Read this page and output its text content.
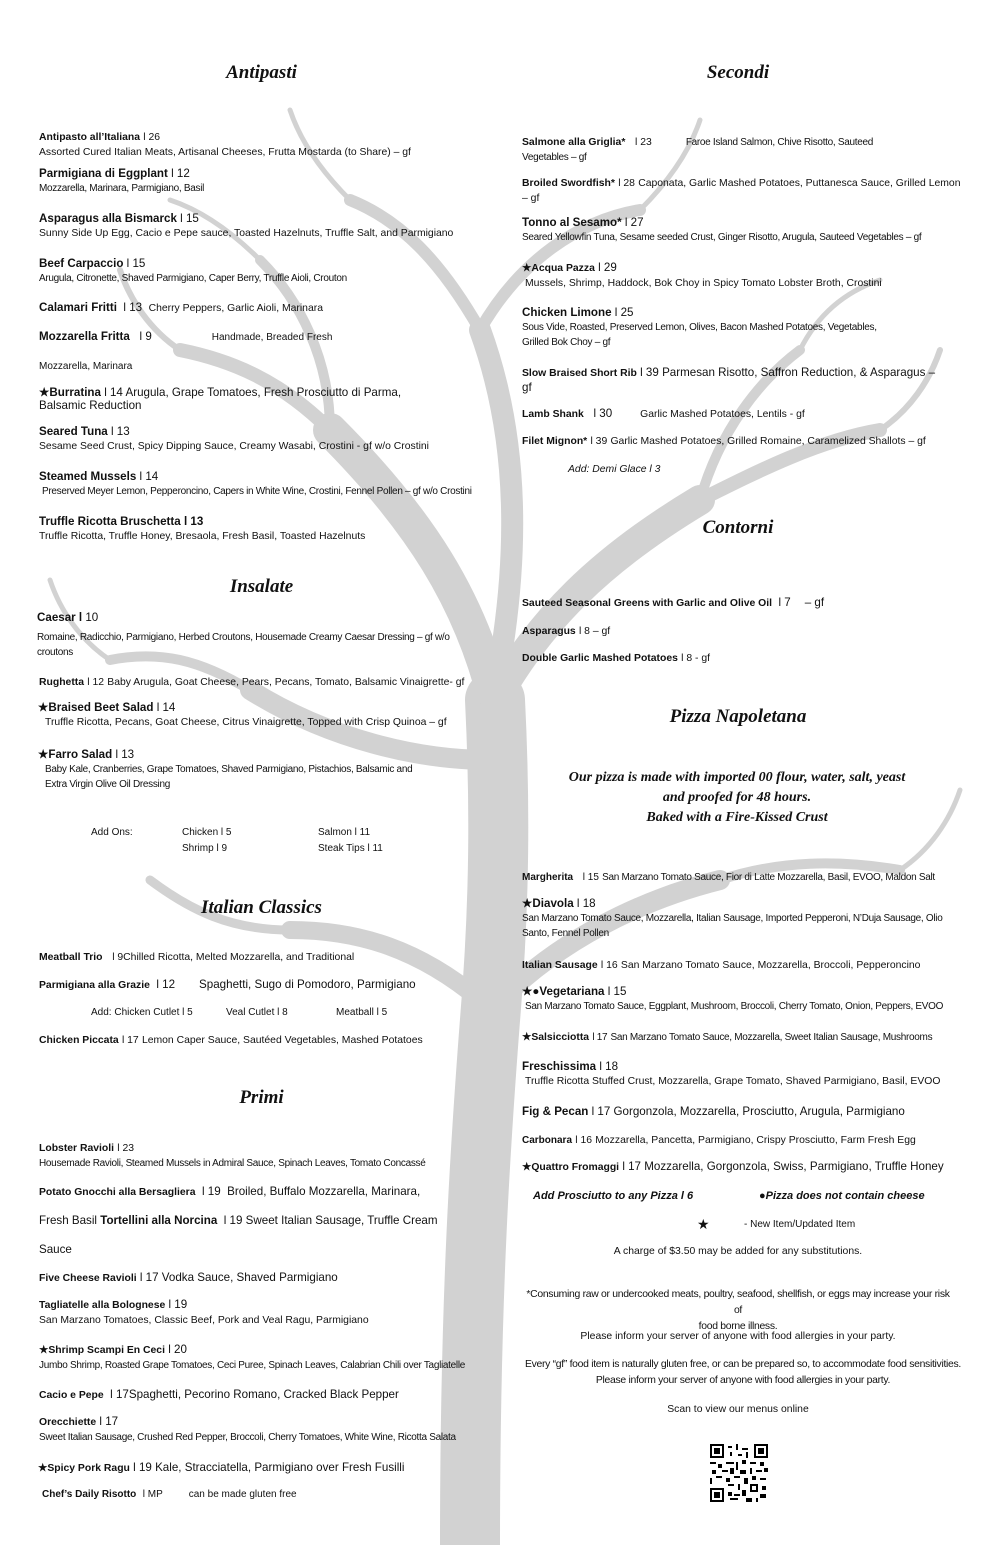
Antipasti
Antipasto all’Italiana l 26
Assorted Cured Italian Meats, Artisanal Cheeses, Frutta Mostarda (to Share) – gf
Parmigiana di Eggplant l 12
Mozzarella, Marinara, Parmigiano, Basil
Asparagus alla Bismarck l 15
Sunny Side Up Egg, Cacio e Pepe sauce, Toasted Hazelnuts, Truffle Salt, and Parmigiano
Beef Carpaccio l 15
Arugula, Citronette, Shaved Parmigiano, Caper Berry, Truffle Aioli, Crouton
Calamari Fritti l 13 Cherry Peppers, Garlic Aioli, Marinara
Mozzarella Fritta l 9	Handmade, Breaded Fresh
Mozzarella, Marinara
★ Burratina l 14 Arugula, Grape Tomatoes, Fresh Prosciutto di Parma, Balsamic Reduction
Seared Tuna l 13
Sesame Seed Crust, Spicy Dipping Sauce, Creamy Wasabi, Crostini - gf w/o Crostini
Steamed Mussels l 14
Preserved Meyer Lemon, Pepperoncino, Capers in White Wine, Crostini, Fennel Pollen – gf w/o Crostini
Truffle Ricotta Bruschetta l 13
Truffle Ricotta, Truffle Honey, Bresaola, Fresh Basil, Toasted Hazelnuts
Insalate
Caesar l 10
Romaine, Radicchio, Parmigiano, Herbed Croutons, Housemade Creamy Caesar Dressing – gf w/o croutons
Rughetta l 12 Baby Arugula, Goat Cheese, Pears, Pecans, Tomato, Balsamic Vinaigrette- gf
★ Braised Beet Salad l 14
Truffle Ricotta, Pecans, Goat Cheese, Citrus Vinaigrette, Topped with Crisp Quinoa – gf
★ Farro Salad l 13
Baby Kale, Cranberries, Grape Tomatoes, Shaved Parmigiano, Pistachios, Balsamic and
Extra Virgin Olive Oil Dressing
Add Ons:	Chicken l 5
Shrimp l 9
Salmon l 11
Steak Tips l 11
Italian Classics
Meatball Trio l 9Chilled Ricotta, Melted Mozzarella, and Traditional
Parmigiana alla Grazie l 12 Spaghetti, Sugo di Pomodoro, Parmigiano
Add: Chicken Cutlet l 5	Veal Cutlet l 8	Meatball l 5
Chicken Piccata l 17 Lemon Caper Sauce, Sautéed Vegetables, Mashed Potatoes
Primi
Lobster Ravioli l 23
Housemade Ravioli, Steamed Mussels in Admiral Sauce, Spinach Leaves, Tomato Concassé
Potato Gnocchi alla Bersagliera l 19 Broiled, Buffalo Mozzarella, Marinara,
Fresh Basil Tortellini alla Norcina l 19 Sweet Italian Sausage, Truffle Cream
Sauce
Five Cheese Ravioli l 17 Vodka Sauce, Shaved Parmigiano
Tagliatelle alla Bolognese l 19
San Marzano Tomatoes, Classic Beef, Pork and Veal Ragu, Parmigiano
★ Shrimp Scampi En Ceci l 20
Jumbo Shrimp, Roasted Grape Tomatoes, Ceci Puree, Spinach Leaves, Calabrian Chili over Tagliatelle
Cacio e Pepe l 17Spaghetti, Pecorino Romano, Cracked Black Pepper
Orecchiette l 17
Sweet Italian Sausage, Crushed Red Pepper, Broccoli, Cherry Tomatoes, White Wine, Ricotta Salata
★ Spicy Pork Ragu l 19 Kale, Stracciatella, Parmigiano over Fresh Fusilli
Chef’s Daily Risotto l MP	can be made gluten free
Secondi
Salmone alla Griglia* l 23	Faroe Island Salmon, Chive Risotto, Sauteed
Vegetables – gf
Broiled Swordfish* l 28 Caponata, Garlic Mashed Potatoes, Puttanesca Sauce, Grilled Lemon
– gf
Tonno al Sesamo* l 27
Seared Yellowfin Tuna, Sesame seeded Crust, Ginger Risotto, Arugula, Sauteed Vegetables – gf
★ Acqua Pazza l 29
Mussels, Shrimp, Haddock, Bok Choy in Spicy Tomato Lobster Broth, Crostini
Chicken Limone l 25
Sous Vide, Roasted, Preserved Lemon, Olives, Bacon Mashed Potatoes, Vegetables,
Grilled Bok Choy – gf
Slow Braised Short Rib l 39 Parmesan Risotto, Saffron Reduction, & Asparagus –
gf
Lamb Shank l 30	Garlic Mashed Potatoes, Lentils - gf
Filet Mignon* l 39 Garlic Mashed Potatoes, Grilled Romaine, Caramelized Shallots – gf
Add: Demi Glace l 3
Contorni
Sauteed Seasonal Greens with Garlic and Olive Oil l 7 – gf
Asparagus l 8 – gf
Double Garlic Mashed Potatoes l 8 - gf
Pizza Napoletana
Our pizza is made with imported 00 flour, water, salt, yeast
and proofed for 48 hours.
Baked with a Fire-Kissed Crust
Margherita l 15 San Marzano Tomato Sauce, Fior di Latte Mozzarella, Basil, EVOO, Maldon Salt
★ Diavola l 18
San Marzano Tomato Sauce, Mozzarella, Italian Sausage, Imported Pepperoni, N’Duja Sausage, Olio
Santo, Fennel Pollen
Italian Sausage l 16 San Marzano Tomato Sauce, Mozzarella, Broccoli, Pepperoncino
★ ●Vegetariana l 15
San Marzano Tomato Sauce, Eggplant, Mushroom, Broccoli, Cherry Tomato, Onion, Peppers, EVOO
★ Salsicciotta l 17 San Marzano Tomato Sauce, Mozzarella, Sweet Italian Sausage, Mushrooms
Freschissima l 18
Truffle Ricotta Stuffed Crust, Mozzarella, Grape Tomato, Shaved Parmigiano, Basil, EVOO
Fig & Pecan l 17 Gorgonzola, Mozzarella, Prosciutto, Arugula, Parmigiano
Carbonara l 16 Mozzarella, Pancetta, Parmigiano, Crispy Prosciutto, Farm Fresh Egg
★ Quattro Fromaggi l 17 Mozzarella, Gorgonzola, Swiss, Parmigiano, Truffle Honey
Add Prosciutto to any Pizza l 6	●Pizza does not contain cheese
★	- New Item/Updated Item
A charge of $3.50 may be added for any substitutions.
*Consuming raw or undercooked meats, poultry, seafood, shellfish, or eggs may increase your risk of
food borne illness.
Please inform your server of anyone with food allergies in your party.
Every “gf” food item is naturally gluten free, or can be prepared so, to accommodate food sensitivities.
Please inform your server of anyone with food allergies in your party.
Scan to view our menus online
